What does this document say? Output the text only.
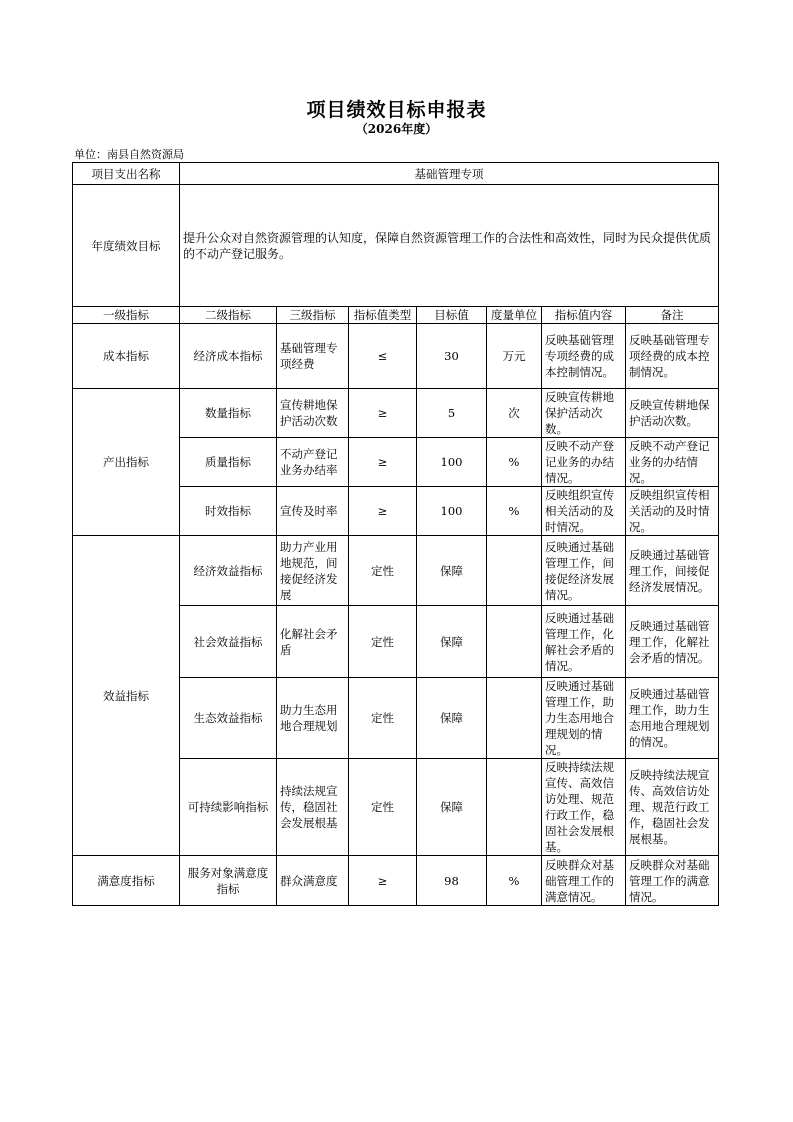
项目绩效目标申报表
（2026年度）
单位：南县自然资源局
项目支出名称	基础管理专项						
年度绩效目标	提升公众对自然资源管理的认知度，保障自然资源管理工作的合法性和高效性，同时为民众提供优质的不动产登记服务。						
一级指标	二级指标	三级指标	指标值类型	目标值	度量单位	指标值内容	备注
成本指标	经济成本指标	基础管理专项经费	≤	30	万元	反映基础管理专项经费的成本控制情况。	反映基础管理专项经费的成本控制情况。
产出指标	数量指标	宣传耕地保护活动次数	≥	5	次	反映宣传耕地保护活动次数。	反映宣传耕地保护活动次数。
	质量指标	不动产登记业务办结率	≥	100	%	反映不动产登记业务的办结情况。	反映不动产登记业务的办结情况。
	时效指标	宣传及时率	≥	100	%	反映组织宣传相关活动的及时情况。	反映组织宣传相关活动的及时情况。
效益指标	经济效益指标	助力产业用地规范，间接促经济发展	定性	保障		反映通过基础管理工作，间接促经济发展情况。	反映通过基础管理工作，间接促经济发展情况。
	社会效益指标	化解社会矛盾	定性	保障		反映通过基础管理工作，化解社会矛盾的情况。	反映通过基础管理工作，化解社会矛盾的情况。
	生态效益指标	助力生态用地合理规划	定性	保障		反映通过基础管理工作，助力生态用地合理规划的情况。	反映通过基础管理工作，助力生态用地合理规划的情况。
	可持续影响指标	持续法规宣传，稳固社会发展根基	定性	保障		反映持续法规宣传、高效信访处理、规范行政工作，稳固社会发展根基。	反映持续法规宣传、高效信访处理、规范行政工作，稳固社会发展根基。
满意度指标	服务对象满意度指标	群众满意度	≥	98	%	反映群众对基础管理工作的满意情况。	反映群众对基础管理工作的满意情况。
